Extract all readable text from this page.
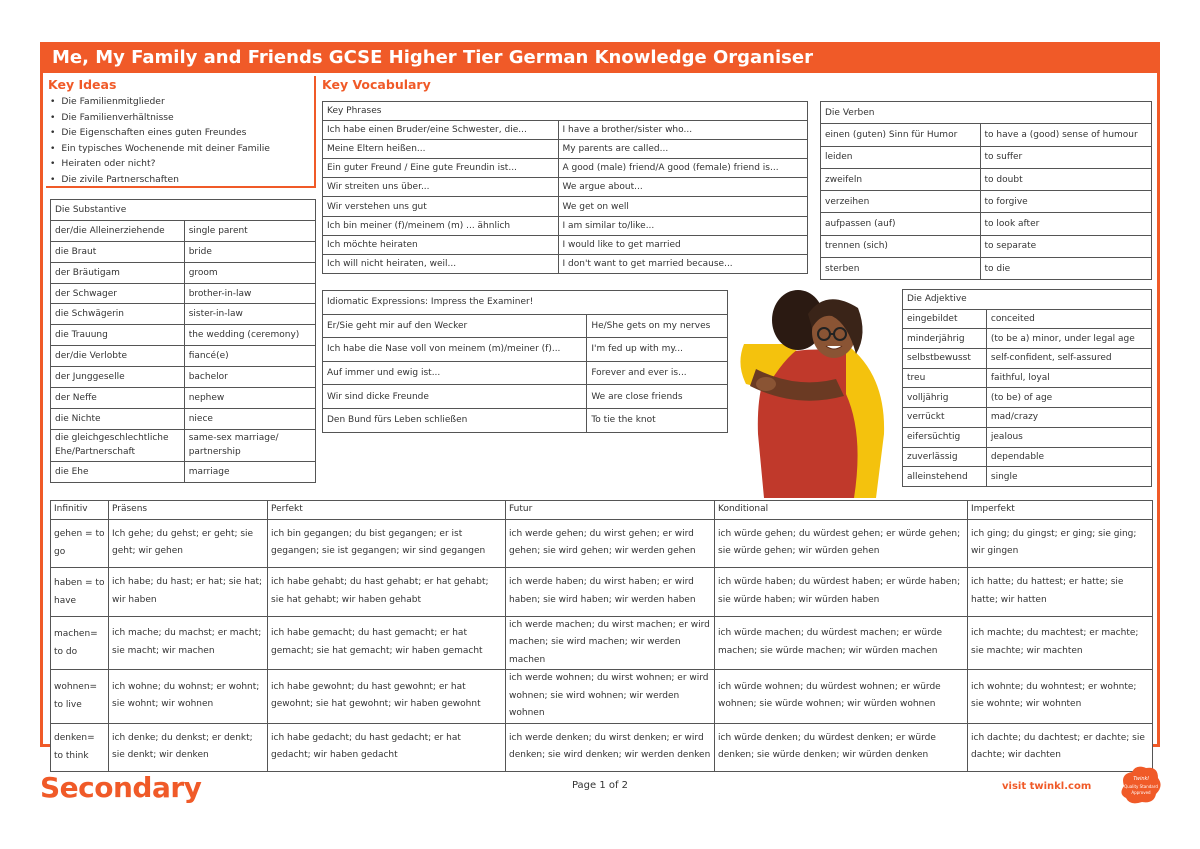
Me, My Family and Friends GCSE Higher Tier German Knowledge Organiser
Key Ideas
• Die Familienmitglieder
• Die Familienverhältnisse
• Die Eigenschaften eines guten Freundes
• Ein typisches Wochenende mit deiner Familie
• Heiraten oder nicht?
• Die zivile Partnerschaften
Key Vocabulary
Die Substantive	
der/die Alleinerziehende	single parent
die Braut	bride
der Bräutigam	groom
der Schwager	brother-in-law
die Schwägerin	sister-in-law
die Trauung	the wedding (ceremony)
der/die Verlobte	fiancé(e)
der Junggeselle	bachelor
der Neffe	nephew
die Nichte	niece
die gleichgeschlechtliche Ehe/Partnerschaft	same-sex marriage/ partnership
die Ehe	marriage
Key Phrases	
Ich habe einen Bruder/eine Schwester, die...	I have a brother/sister who...
Meine Eltern heißen...	My parents are called...
Ein guter Freund / Eine gute Freundin ist...	A good (male) friend/A good (female) friend is...
Wir streiten uns über...	We argue about...
Wir verstehen uns gut	We get on well
Ich bin meiner (f)/meinem (m) ... ähnlich	I am similar to/like...
Ich möchte heiraten	I would like to get married
Ich will nicht heiraten, weil...	I don't want to get married because...
Die Verben	
einen (guten) Sinn für Humor	to have a (good) sense of humour
leiden	to suffer
zweifeln	to doubt
verzeihen	to forgive
aufpassen (auf)	to look after
trennen (sich)	to separate
sterben	to die
Idiomatic Expressions: Impress the Examiner!	
Er/Sie geht mir auf den Wecker	He/She gets on my nerves
Ich habe die Nase voll von meinem (m)/meiner (f)...	I'm fed up with my...
Auf immer und ewig ist...	Forever and ever is...
Wir sind dicke Freunde	We are close friends
Den Bund fürs Leben schließen	To tie the knot
Die Adjektive	
eingebildet	conceited
minderjährig	(to be a) minor, under legal age
selbstbewusst	self-confident, self-assured
treu	faithful, loyal
volljährig	(to be) of age
verrückt	mad/crazy
eifersüchtig	jealous
zuverlässig	dependable
alleinstehend	single
Infinitiv	Präsens	Perfekt	Futur	Konditional	Imperfekt
gehen = to go	Ich gehe; du gehst; er geht; sie geht; wir gehen	ich bin gegangen; du bist gegangen; er ist gegangen; sie ist gegangen; wir sind gegangen	ich werde gehen; du wirst gehen; er wird gehen; sie wird gehen; wir werden gehen	ich würde gehen; du würdest gehen; er würde gehen; sie würde gehen; wir würden gehen	ich ging; du gingst; er ging; sie ging; wir gingen
haben = to have	ich habe; du hast; er hat; sie hat; wir haben	ich habe gehabt; du hast gehabt; er hat gehabt; sie hat gehabt; wir haben gehabt	ich werde haben; du wirst haben; er wird haben; sie wird haben; wir werden haben	ich würde haben; du würdest haben; er würde haben; sie würde haben; wir würden haben	ich hatte; du hattest; er hatte; sie hatte; wir hatten
machen= to do	ich mache; du machst; er macht; sie macht; wir machen	ich habe gemacht; du hast gemacht; er hat gemacht; sie hat gemacht; wir haben gemacht	ich werde machen; du wirst machen; er wird machen; sie wird machen; wir werden machen	ich würde machen; du würdest machen; er würde machen; sie würde machen; wir würden machen	ich machte; du machtest; er machte; sie machte; wir machten
wohnen= to live	ich wohne; du wohnst; er wohnt; sie wohnt; wir wohnen	ich habe gewohnt; du hast gewohnt; er hat gewohnt; sie hat gewohnt; wir haben gewohnt	ich werde wohnen; du wirst wohnen; er wird wohnen; sie wird wohnen; wir werden wohnen	ich würde wohnen; du würdest wohnen; er würde wohnen; sie würde wohnen; wir würden wohnen	ich wohnte; du wohntest; er wohnte; sie wohnte; wir wohnten
denken= to think	ich denke; du denkst; er denkt; sie denkt; wir denken	ich habe gedacht; du hast gedacht; er hat gedacht; wir haben gedacht	ich werde denken; du wirst denken; er wird denken; sie wird denken; wir werden denken	ich würde denken; du würdest denken; er würde denken; sie würde denken; wir würden denken	ich dachte; du dachtest; er dachte; sie dachte; wir dachten
Secondary	Page 1 of 2	visit twinkl.com
Twinkl
Quality Standard
Approved
